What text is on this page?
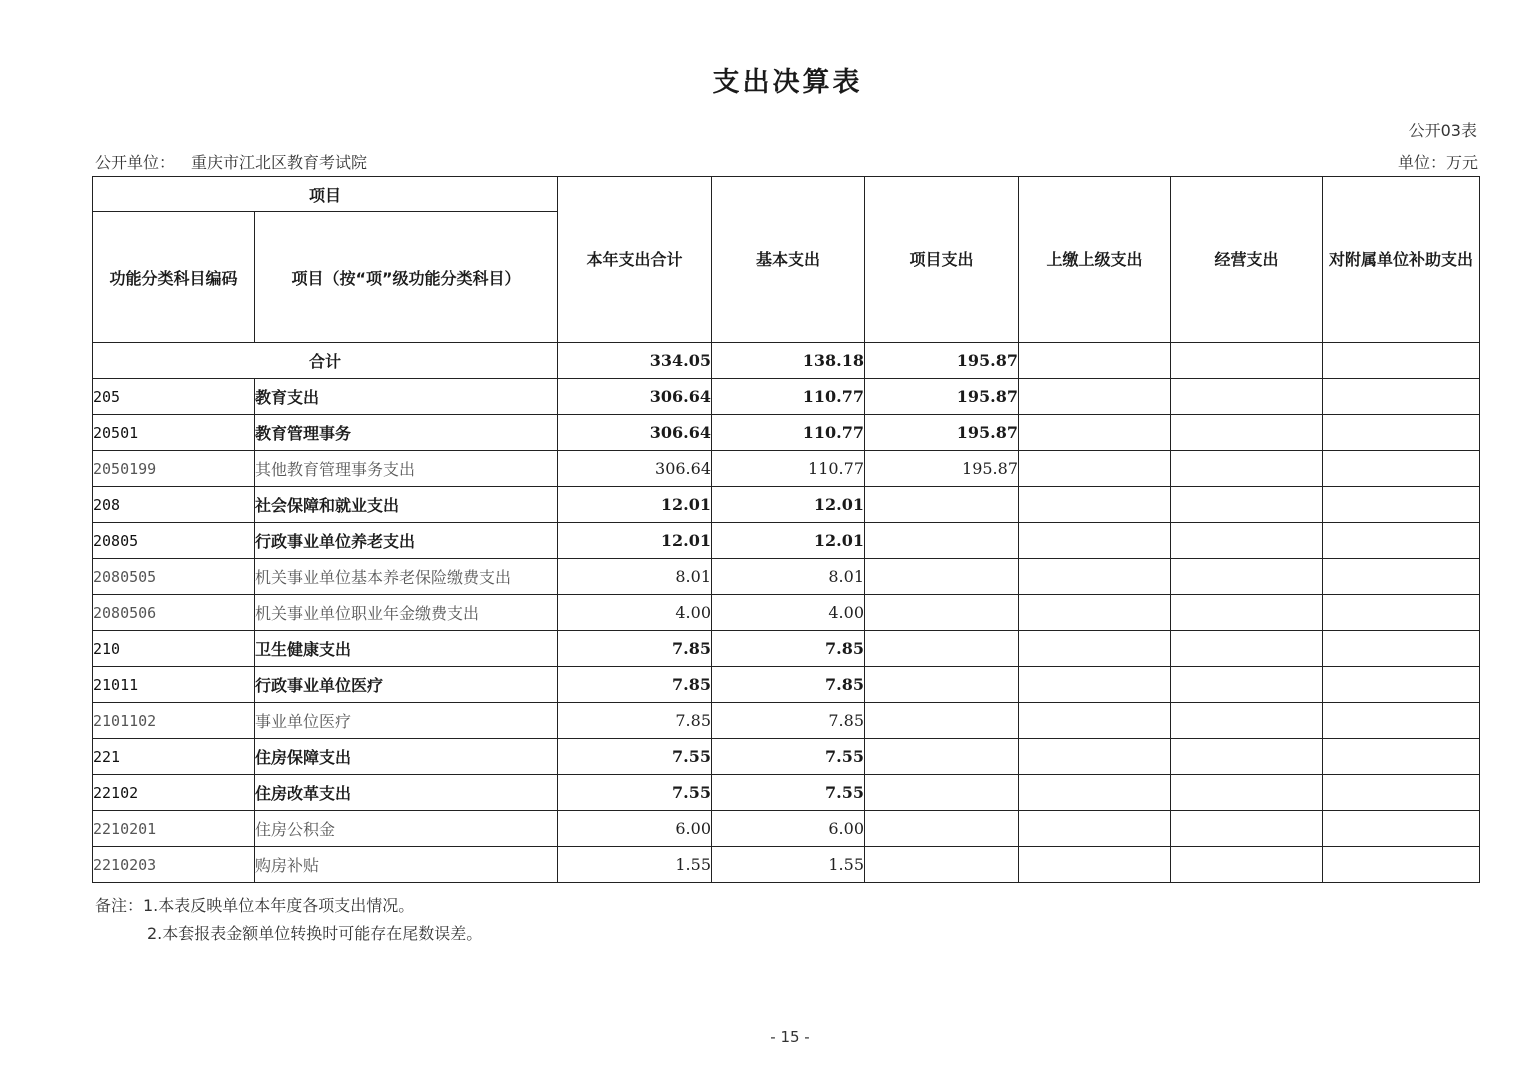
支出决算表
公开03表
公开单位： 重庆市江北区教育考试院	单位：万元
项目		本年支出合计	基本支出	项目支出	上缴上级支出	经营支出	对附属单位补助支出
功能分类科目编码	项目（按“项”级功能分类科目）						
合计		334.05	138.18	195.87			
205	教育支出	306.64	110.77	195.87			
20501	教育管理事务	306.64	110.77	195.87			
2050199	其他教育管理事务支出	306.64	110.77	195.87			
208	社会保障和就业支出	12.01	12.01				
20805	行政事业单位养老支出	12.01	12.01				
2080505	机关事业单位基本养老保险缴费支出	8.01	8.01				
2080506	机关事业单位职业年金缴费支出	4.00	4.00				
210	卫生健康支出	7.85	7.85				
21011	行政事业单位医疗	7.85	7.85				
2101102	事业单位医疗	7.85	7.85				
221	住房保障支出	7.55	7.55				
22102	住房改革支出	7.55	7.55				
2210201	住房公积金	6.00	6.00				
2210203	购房补贴	1.55	1.55				
备注：1.本表反映单位本年度各项支出情况。
2.本套报表金额单位转换时可能存在尾数误差。
- 15 -
